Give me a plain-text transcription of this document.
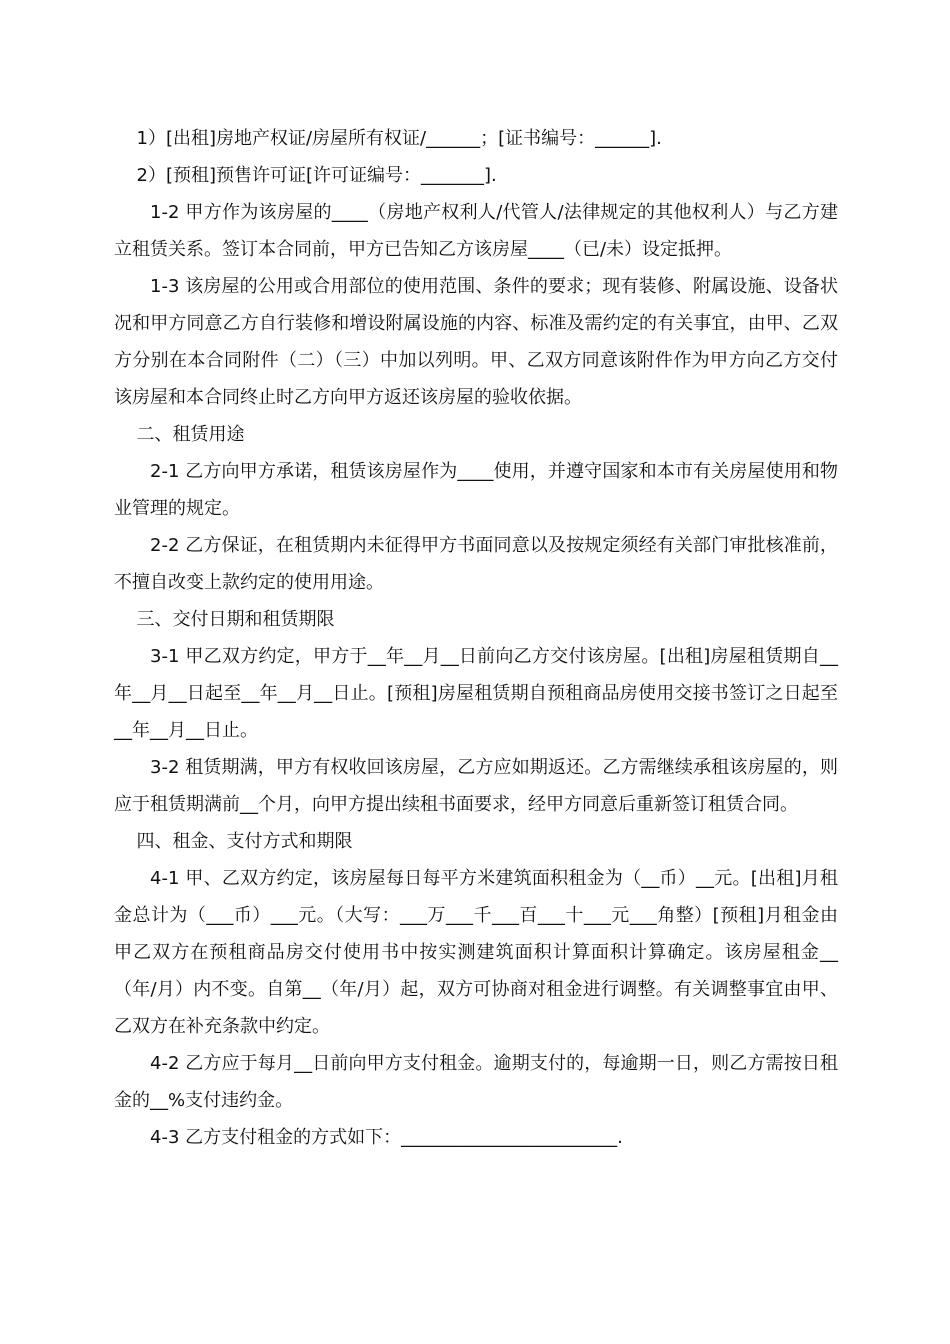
1）[出租]房地产权证/房屋所有权证/______；[证书编号：______].

2）[预租]预售许可证[许可证编号：_______].

1-2 甲方作为该房屋的____（房地产权利人/代管人/法律规定的其他权利人）与乙方建立租赁关系。签订本合同前，甲方已告知乙方该房屋____（已/未）设定抵押。

1-3 该房屋的公用或合用部位的使用范围、条件的要求；现有装修、附属设施、设备状况和甲方同意乙方自行装修和增设附属设施的内容、标准及需约定的有关事宜，由甲、乙双方分别在本合同附件（二）（三）中加以列明。甲、乙双方同意该附件作为甲方向乙方交付该房屋和本合同终止时乙方向甲方返还该房屋的验收依据。

二、租赁用途

2-1 乙方向甲方承诺，租赁该房屋作为____使用，并遵守国家和本市有关房屋使用和物业管理的规定。

2-2 乙方保证，在租赁期内未征得甲方书面同意以及按规定须经有关部门审批核准前，不擅自改变上款约定的使用用途。

三、交付日期和租赁期限

3-1 甲乙双方约定，甲方于__年__月__日前向乙方交付该房屋。[出租]房屋租赁期自__年__月__日起至__年__月__日止。[预租]房屋租赁期自预租商品房使用交接书签订之日起至__年__月__日止。

3-2 租赁期满，甲方有权收回该房屋，乙方应如期返还。乙方需继续承租该房屋的，则应于租赁期满前__个月，向甲方提出续租书面要求，经甲方同意后重新签订租赁合同。

四、租金、支付方式和期限

4-1 甲、乙双方约定，该房屋每日每平方米建筑面积租金为（__币）__元。[出租]月租金总计为（___币）___元。（大写：___万___千___百___十___元___角整）[预租]月租金由甲乙双方在预租商品房交付使用书中按实测建筑面积计算面积计算确定。该房屋租金__（年/月）内不变。自第__（年/月）起，双方可协商对租金进行调整。有关调整事宜由甲、乙双方在补充条款中约定。

4-2 乙方应于每月__日前向甲方支付租金。逾期支付的，每逾期一日，则乙方需按日租金的__%支付违约金。

4-3 乙方支付租金的方式如下：________________________.
